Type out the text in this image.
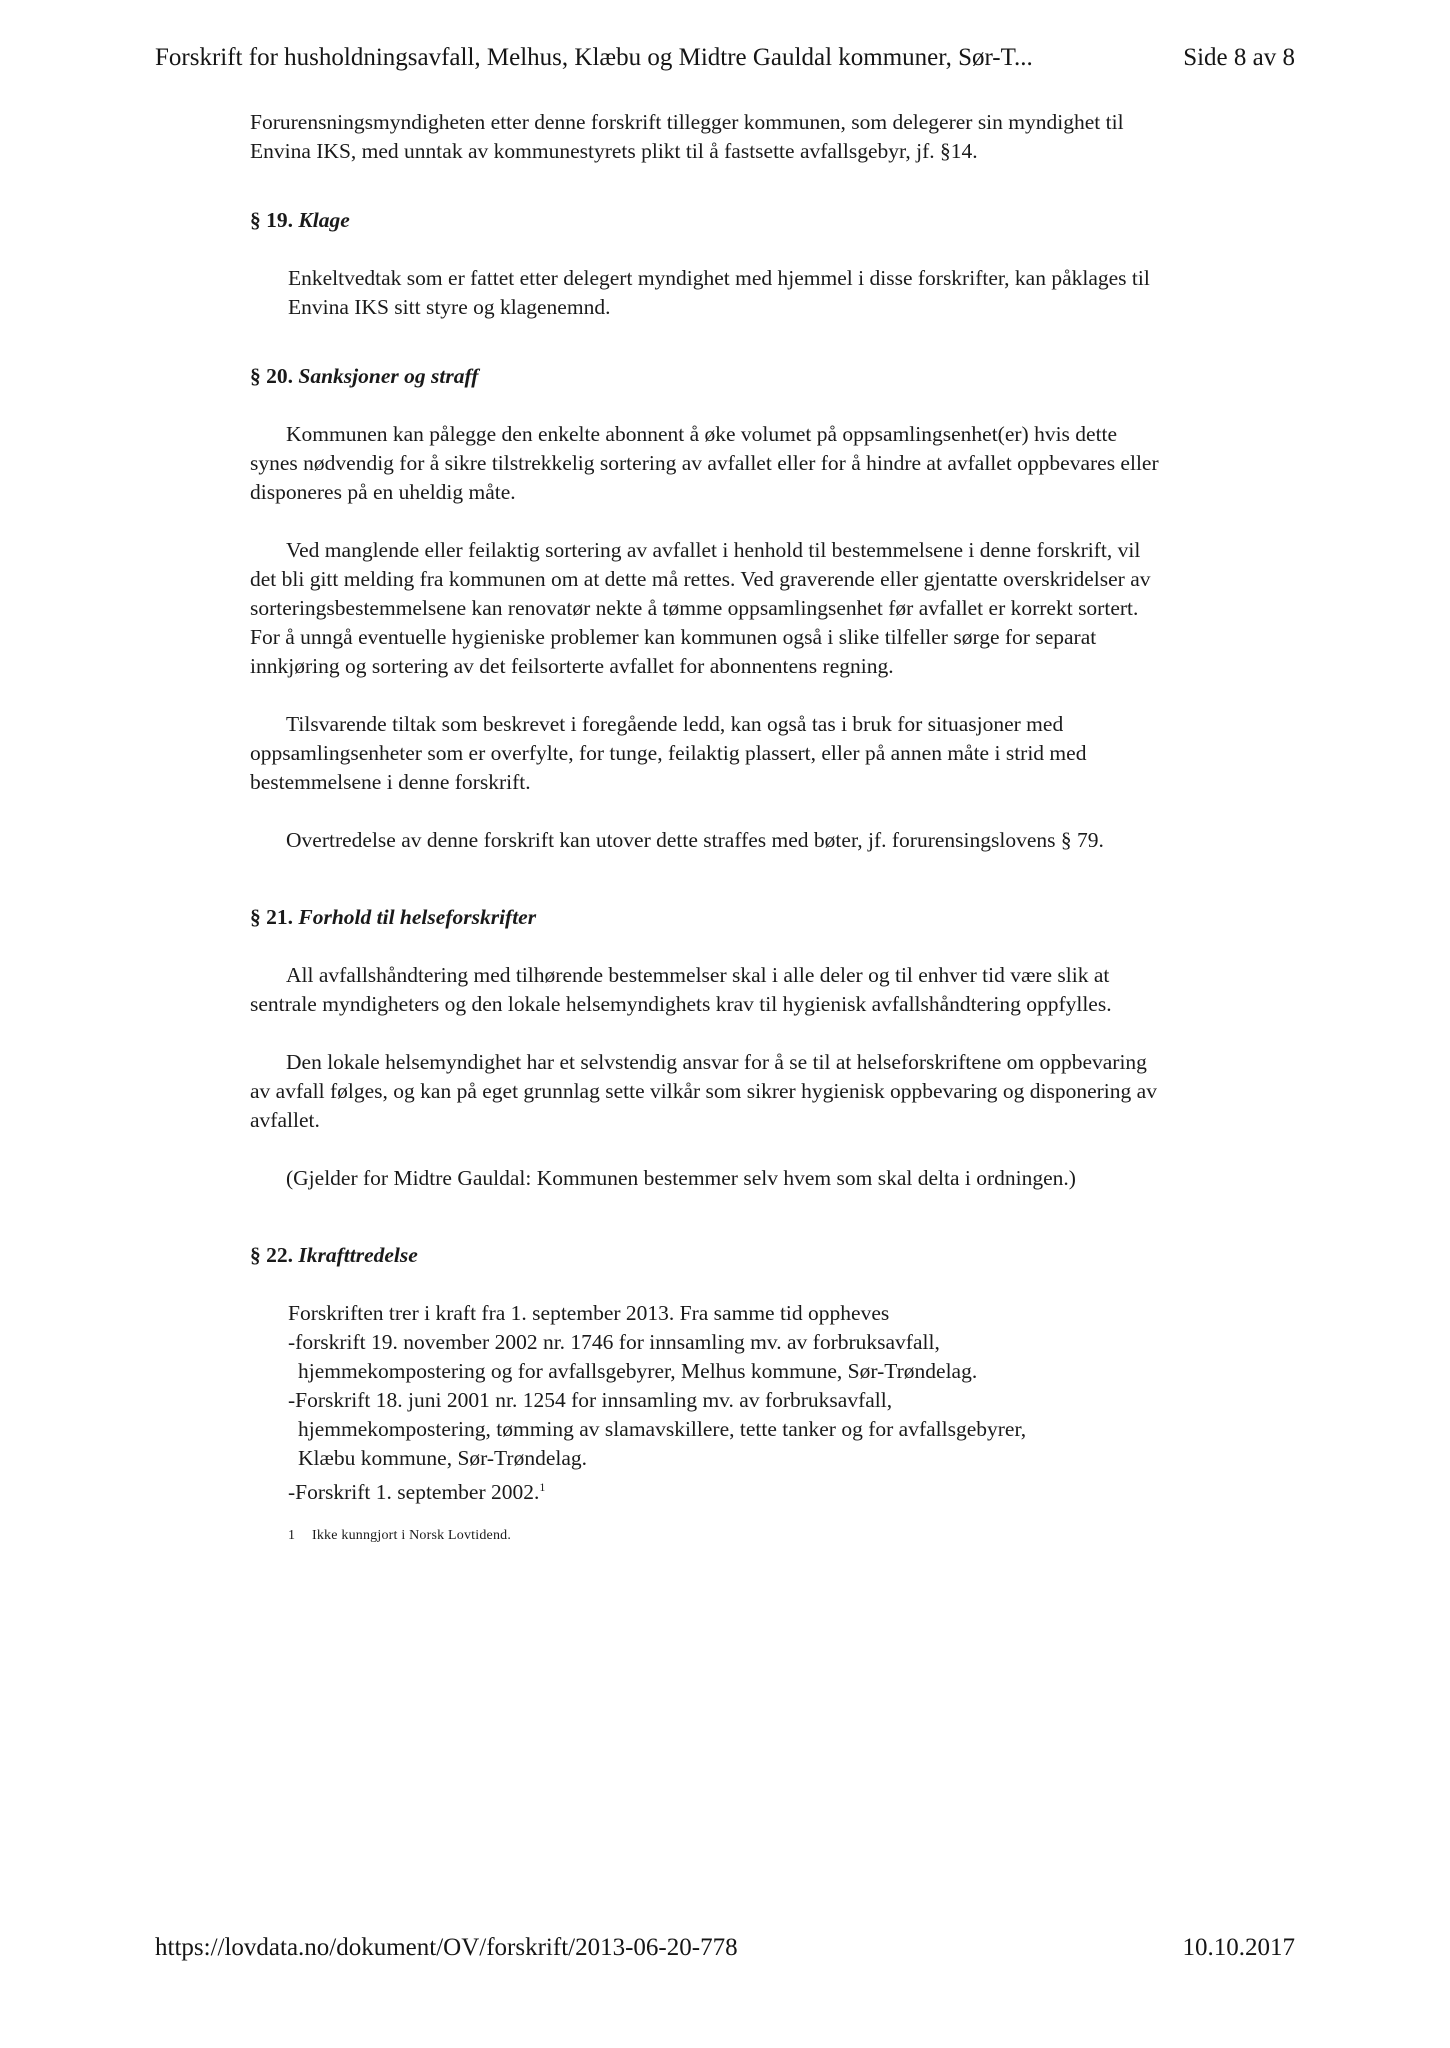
Forskrift for husholdningsavfall, Melhus, Klæbu og Midtre Gauldal kommuner, Sør-T...	Side 8 av 8

Forurensningsmyndigheten etter denne forskrift tillegger kommunen, som delegerer sin myndighet til Envina IKS, med unntak av kommunestyrets plikt til å fastsette avfallsgebyr, jf. §14.

§ 19. Klage

Enkeltvedtak som er fattet etter delegert myndighet med hjemmel i disse forskrifter, kan påklages til Envina IKS sitt styre og klagenemnd.

§ 20. Sanksjoner og straff

Kommunen kan pålegge den enkelte abonnent å øke volumet på oppsamlingsenhet(er) hvis dette synes nødvendig for å sikre tilstrekkelig sortering av avfallet eller for å hindre at avfallet oppbevares eller disponeres på en uheldig måte.

Ved manglende eller feilaktig sortering av avfallet i henhold til bestemmelsene i denne forskrift, vil det bli gitt melding fra kommunen om at dette må rettes. Ved graverende eller gjentatte overskridelser av sorteringsbestemmelsene kan renovatør nekte å tømme oppsamlingsenhet før avfallet er korrekt sortert. For å unngå eventuelle hygieniske problemer kan kommunen også i slike tilfeller sørge for separat innkjøring og sortering av det feilsorterte avfallet for abonnentens regning.

Tilsvarende tiltak som beskrevet i foregående ledd, kan også tas i bruk for situasjoner med oppsamlingsenheter som er overfylte, for tunge, feilaktig plassert, eller på annen måte i strid med bestemmelsene i denne forskrift.

Overtredelse av denne forskrift kan utover dette straffes med bøter, jf. forurensingslovens § 79.

§ 21. Forhold til helseforskrifter

All avfallshåndtering med tilhørende bestemmelser skal i alle deler og til enhver tid være slik at sentrale myndigheters og den lokale helsemyndighets krav til hygienisk avfallshåndtering oppfylles.

Den lokale helsemyndighet har et selvstendig ansvar for å se til at helseforskriftene om oppbevaring av avfall følges, og kan på eget grunnlag sette vilkår som sikrer hygienisk oppbevaring og disponering av avfallet.

(Gjelder for Midtre Gauldal: Kommunen bestemmer selv hvem som skal delta i ordningen.)

§ 22. Ikrafttredelse

Forskriften trer i kraft fra 1. september 2013. Fra samme tid oppheves

-forskrift 19. november 2002 nr. 1746 for innsamling mv. av forbruksavfall,

hjemmekompostering og for avfallsgebyrer, Melhus kommune, Sør-Trøndelag.

-Forskrift 18. juni 2001 nr. 1254 for innsamling mv. av forbruksavfall,

hjemmekompostering, tømming av slamavskillere, tette tanker og for avfallsgebyrer,

Klæbu kommune, Sør-Trøndelag.

-Forskrift 1. september 2002.$^1$

1 Ikke kunngjort i Norsk Lovtidend.
https://lovdata.no/dokument/OV/forskrift/2013-06-20-778	10.10.2017
